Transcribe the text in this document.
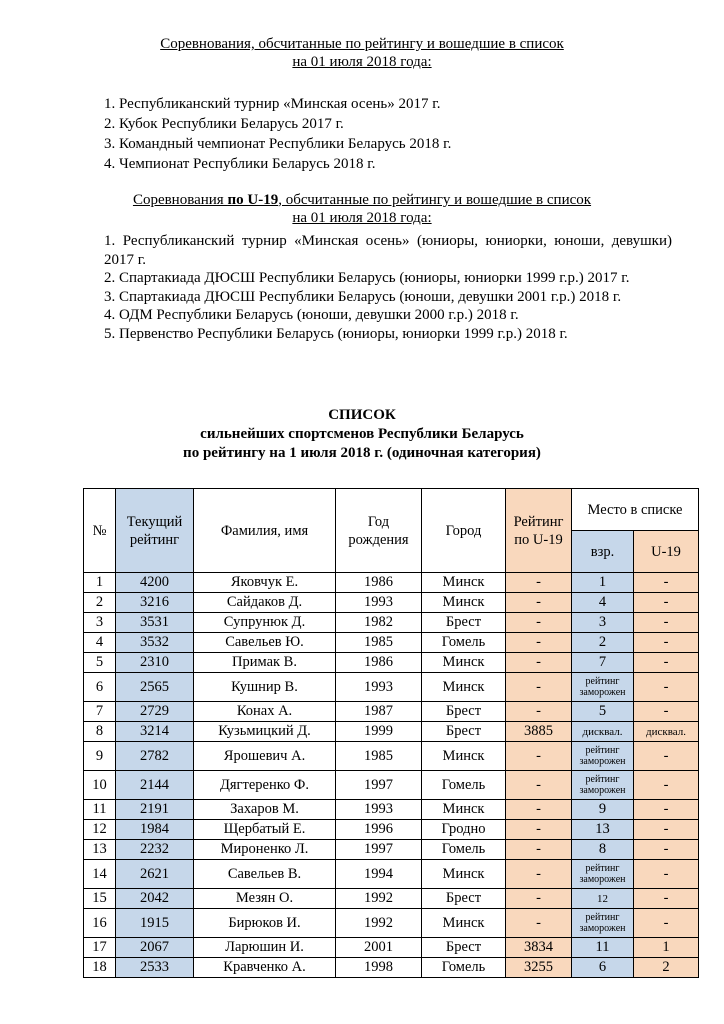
Соревнования, обсчитанные по рейтингу и вошедшие в список
на 01 июля 2018 года:
1. Республиканский турнир «Минская осень» 2017 г.
2. Кубок Республики Беларусь 2017 г.
3. Командный чемпионат Республики Беларусь 2018 г.
4. Чемпионат Республики Беларусь 2018 г.
Соревнования по U-19, обсчитанные по рейтингу и вошедшие в список
на 01 июля 2018 года:
1. Республиканский турнир «Минская осень» (юниоры, юниорки, юноши, девушки) 2017 г.
2. Спартакиада ДЮСШ Республики Беларусь (юниоры, юниорки 1999 г.р.) 2017 г.
3. Спартакиада ДЮСШ Республики Беларусь (юноши, девушки 2001 г.р.) 2018 г.
4. ОДМ Республики Беларусь (юноши, девушки 2000 г.р.) 2018 г.
5. Первенство Республики Беларусь (юниоры, юниорки 1999 г.р.) 2018 г.
СПИСОК
сильнейших спортсменов Республики Беларусь
по рейтингу на 1 июля 2018 г. (одиночная категория)
№	Текущий рейтинг	Фамилия, имя	Год рождения	Город	Рейтинг по U-19	Место в списке	
						взр.	U-19
1	4200	Яковчук Е.	1986	Минск	-	1	-
2	3216	Сайдаков Д.	1993	Минск	-	4	-
3	3531	Супрунюк Д.	1982	Брест	-	3	-
4	3532	Савельев Ю.	1985	Гомель	-	2	-
5	2310	Примак В.	1986	Минск	-	7	-
6	2565	Кушнир В.	1993	Минск	-	рейтинг заморожен	-
7	2729	Конах А.	1987	Брест	-	5	-
8	3214	Кузьмицкий Д.	1999	Брест	3885	дисквал.	дисквал.
9	2782	Ярошевич А.	1985	Минск	-	рейтинг заморожен	-
10	2144	Дягтеренко Ф.	1997	Гомель	-	рейтинг заморожен	-
11	2191	Захаров М.	1993	Минск	-	9	-
12	1984	Щербатый Е.	1996	Гродно	-	13	-
13	2232	Мироненко Л.	1997	Гомель	-	8	-
14	2621	Савельев В.	1994	Минск	-	рейтинг заморожен	-
15	2042	Мезян О.	1992	Брест	-	12	-
16	1915	Бирюков И.	1992	Минск	-	рейтинг заморожен	-
17	2067	Ларюшин И.	2001	Брест	3834	11	1
18	2533	Кравченко А.	1998	Гомель	3255	6	2
